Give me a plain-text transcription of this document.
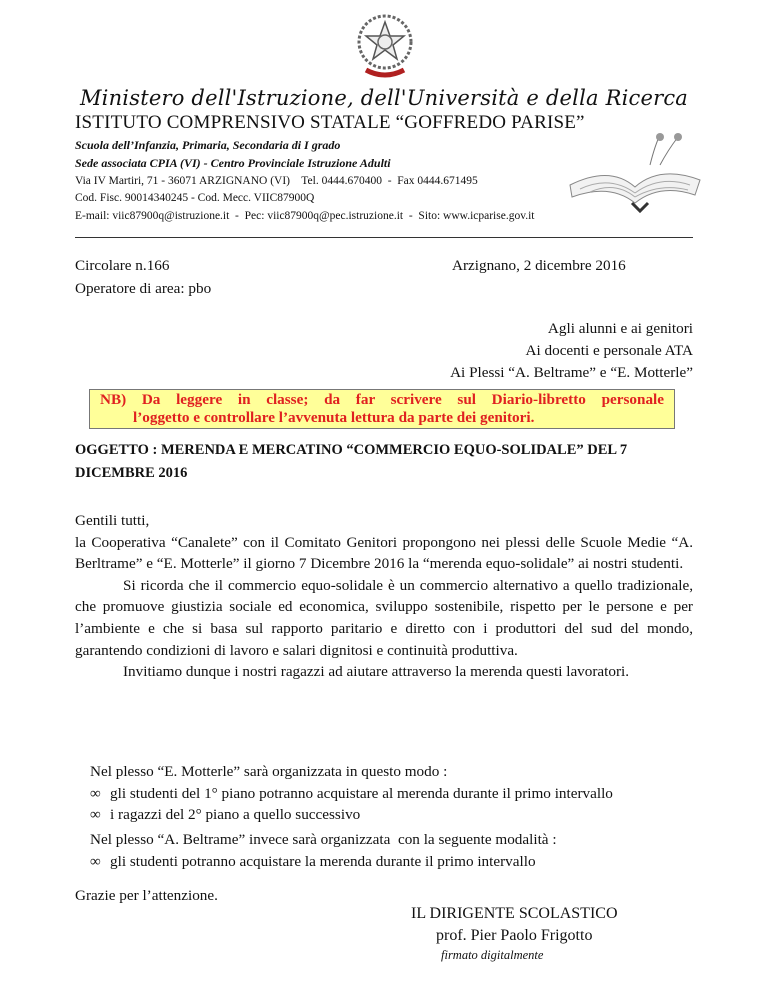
Ministero dell'Istruzione, dell'Università e della Ricerca
ISTITUTO COMPRENSIVO STATALE “GOFFREDO PARISE”
Scuola dell’Infanzia, Primaria, Secondaria di I grado
Sede associata CPIA (VI) - Centro Provinciale Istruzione Adulti
Via IV Martiri, 71 - 36071 ARZIGNANO (VI)    Tel. 0444.670400  -  Fax 0444.671495
Cod. Fisc. 90014340245 - Cod. Mecc. VIIC87900Q
E-mail: viic87900q@istruzione.it  -  Pec: viic87900q@pec.istruzione.it  -  Sito: www.icparise.gov.it
Circolare n.166
Operatore di area: pbo
Arzignano, 2 dicembre 2016
Agli alunni e ai genitori
Ai docenti e personale ATA
Ai Plessi “A. Beltrame” e “E. Motterle”
NB) Da leggere in classe; da far scrivere sul Diario-libretto personale
l’oggetto e controllare l’avvenuta lettura da parte dei genitori.
OGGETTO : MERENDA E MERCATINO “COMMERCIO EQUO-SOLIDALE” DEL 7 DICEMBRE 2016

Gentili tutti,

la Cooperativa “Canalete” con il Comitato Genitori propongono nei plessi delle Scuole Medie “A. Berltrame” e “E. Motterle” il giorno 7 Dicembre 2016 la “merenda equo-solidale” ai nostri studenti.

Si ricorda che il commercio equo-solidale è un commercio alternativo a quello tradizionale, che promuove giustizia sociale ed economica, sviluppo sostenibile, rispetto per le persone e per l’ambiente e che si basa sul rapporto paritario e diretto con i produttori del sud del mondo, garantendo condizioni di lavoro e salari dignitosi e continuità produttiva.

Invitiamo dunque i nostri ragazzi ad aiutare attraverso la merenda questi lavoratori.

Nel plesso “E. Motterle” sarà organizzata in questo modo :
∞ gli studenti del 1° piano potranno acquistare al merenda durante il primo intervallo
∞ i ragazzi del 2° piano a quello successivo
Nel plesso “A. Beltrame” invece sarà organizzata  con la seguente modalità :
∞ gli studenti potranno acquistare la merenda durante il primo intervallo
Grazie per l’attenzione.
IL DIRIGENTE SCOLASTICO
prof. Pier Paolo Frigotto
firmato digitalmente
